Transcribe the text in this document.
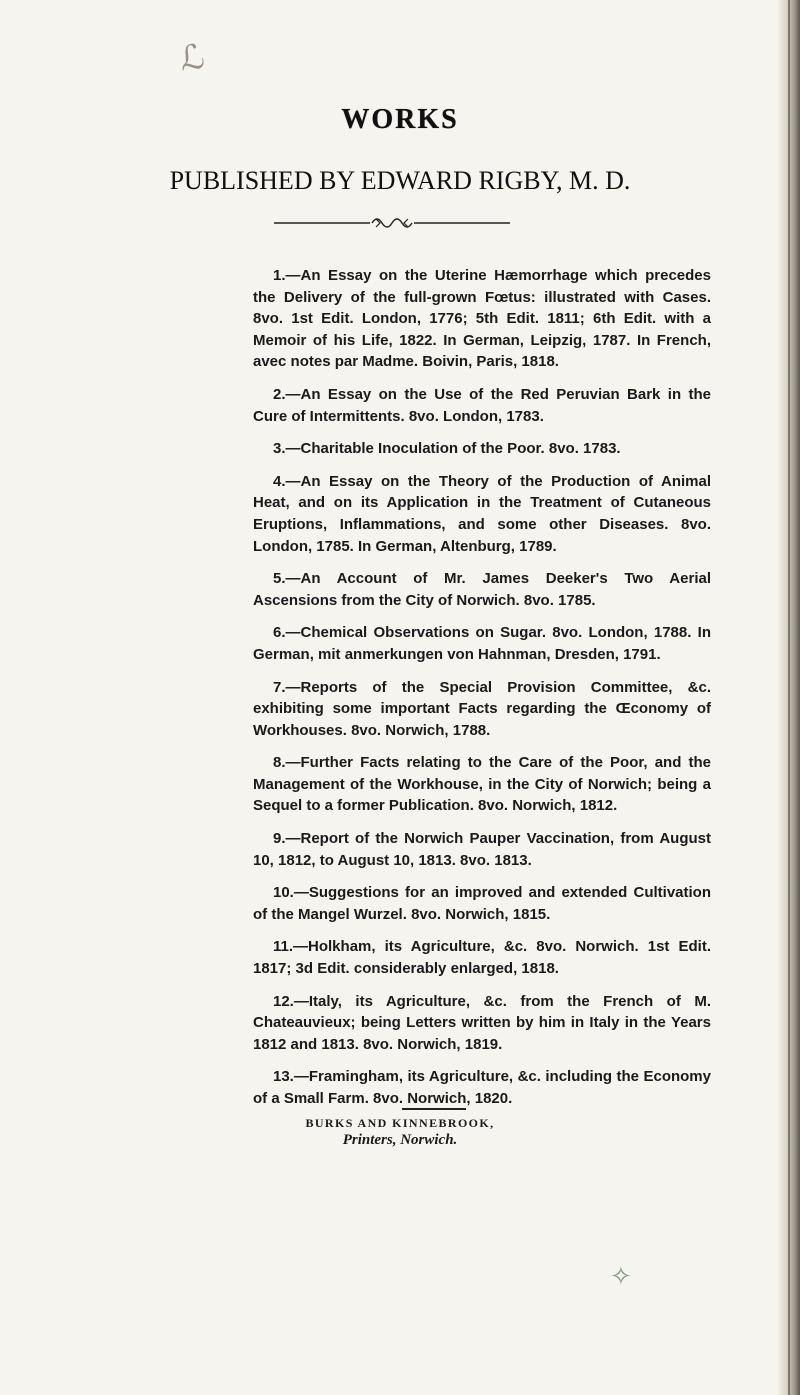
ℒ
WORKS
PUBLISHED BY EDWARD RIGBY, M. D.

1.—An Essay on the Uterine Hæmorrhage which precedes the Delivery of the full-grown Fœtus: illustrated with Cases. 8vo. 1st Edit. London, 1776; 5th Edit. 1811; 6th Edit. with a Memoir of his Life, 1822. In German, Leipzig, 1787. In French, avec notes par Madme. Boivin, Paris, 1818.

2.—An Essay on the Use of the Red Peruvian Bark in the Cure of Intermittents. 8vo. London, 1783.

3.—Charitable Inoculation of the Poor. 8vo. 1783.

4.—An Essay on the Theory of the Production of Animal Heat, and on its Application in the Treatment of Cutaneous Eruptions, Inflammations, and some other Diseases. 8vo. London, 1785. In German, Altenburg, 1789.

5.—An Account of Mr. James Deeker's Two Aerial Ascensions from the City of Norwich. 8vo. 1785.

6.—Chemical Observations on Sugar. 8vo. London, 1788. In German, mit anmerkungen von Hahnman, Dresden, 1791.

7.—Reports of the Special Provision Committee, &c. exhibiting some important Facts regarding the Œconomy of Workhouses. 8vo. Norwich, 1788.

8.—Further Facts relating to the Care of the Poor, and the Management of the Workhouse, in the City of Norwich; being a Sequel to a former Publication. 8vo. Norwich, 1812.

9.—Report of the Norwich Pauper Vaccination, from August 10, 1812, to August 10, 1813. 8vo. 1813.

10.—Suggestions for an improved and extended Cultivation of the Mangel Wurzel. 8vo. Norwich, 1815.

11.—Holkham, its Agriculture, &c. 8vo. Norwich. 1st Edit. 1817; 3d Edit. considerably enlarged, 1818.

12.—Italy, its Agriculture, &c. from the French of M. Chateauvieux; being Letters written by him in Italy in the Years 1812 and 1813. 8vo. Norwich, 1819.

13.—Framingham, its Agriculture, &c. including the Economy of a Small Farm. 8vo. Norwich, 1820.

BURKS AND KINNEBROOK,
Printers, Norwich.
✧
